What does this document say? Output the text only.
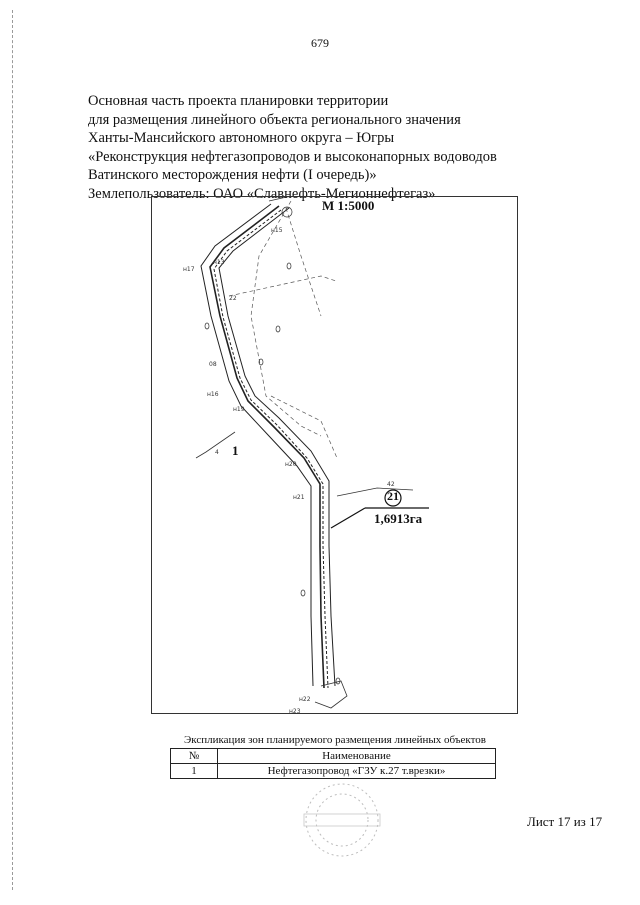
679
Основная часть проекта планировки территории
для размещения линейного объекта регионального значения
Ханты-Мансийского автономного округа – Югры
«Реконструкция нефтегазопроводов и высоконапорных водоводов
Ватинского месторождения нефти (I очередь)»
Землепользователь: ОАО «Славнефть-Мегионнефтегаз»
н13
н17
н16
н19
н20
н21
н22
н23
н15
22
42
08
4
М 1:5000
21
1,6913га
1
Экспликация зон планируемого размещения линейных объектов
№	Наименование
1	Нефтегазопровод «ГЗУ к.27 т.врезки»
Лист 17 из 17
